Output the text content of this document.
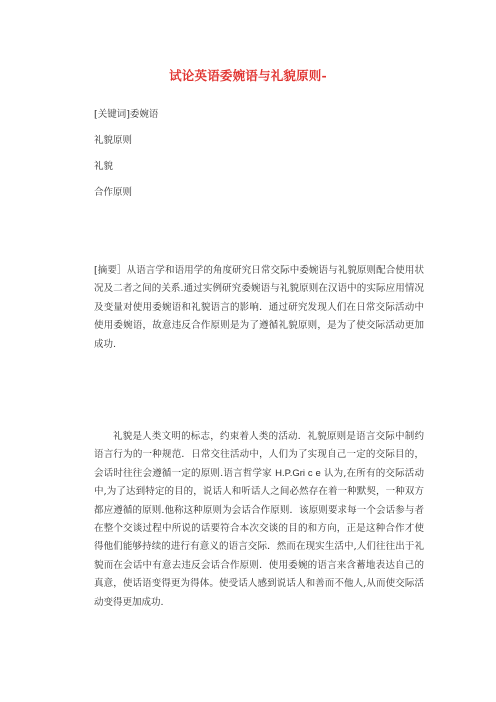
试论英语委婉语与礼貌原则-
[关键词]委婉语
礼貌原则
礼貌
合作原则

[摘要］从语言学和语用学的角度研究日常交际中委婉语与礼貌原则配合使用状况及二者之间的关系.通过实例研究委婉语与礼貌原则在汉语中的实际应用情况及变量对使用委婉语和礼貌语言的影响．通过研究发现人们在日常交际活动中使用委婉语，故意违反合作原则是为了遵循礼貌原则，是为了使交际活动更加成功.

礼貌是人类文明的标志，约束着人类的活动．礼貌原则是语言交际中制约语言行为的一种规范．日常交往活动中，人们为了实现自己一定的交际目的，会话时往往会遵循一定的原则.语言哲学家 H.P.Gri c e 认为,在所有的交际活动中,为了达到特定的目的，说话人和听话人之间必然存在着一种默契，一种双方都应遵循的原则.他称这种原则为会话合作原则．该原则要求每一个会话参与者在整个交谈过程中所说的话要符合本次交谈的目的和方向，正是这种合作才使得他们能够持续的进行有意义的语言交际．然而在现实生活中,人们往往出于礼貌而在会话中有意去违反会话合作原则．使用委婉的语言来含蓄地表达自己的真意，使话语变得更为得体。使受话人感到说话人和善而不他人,从而使交际活动变得更加成功.
